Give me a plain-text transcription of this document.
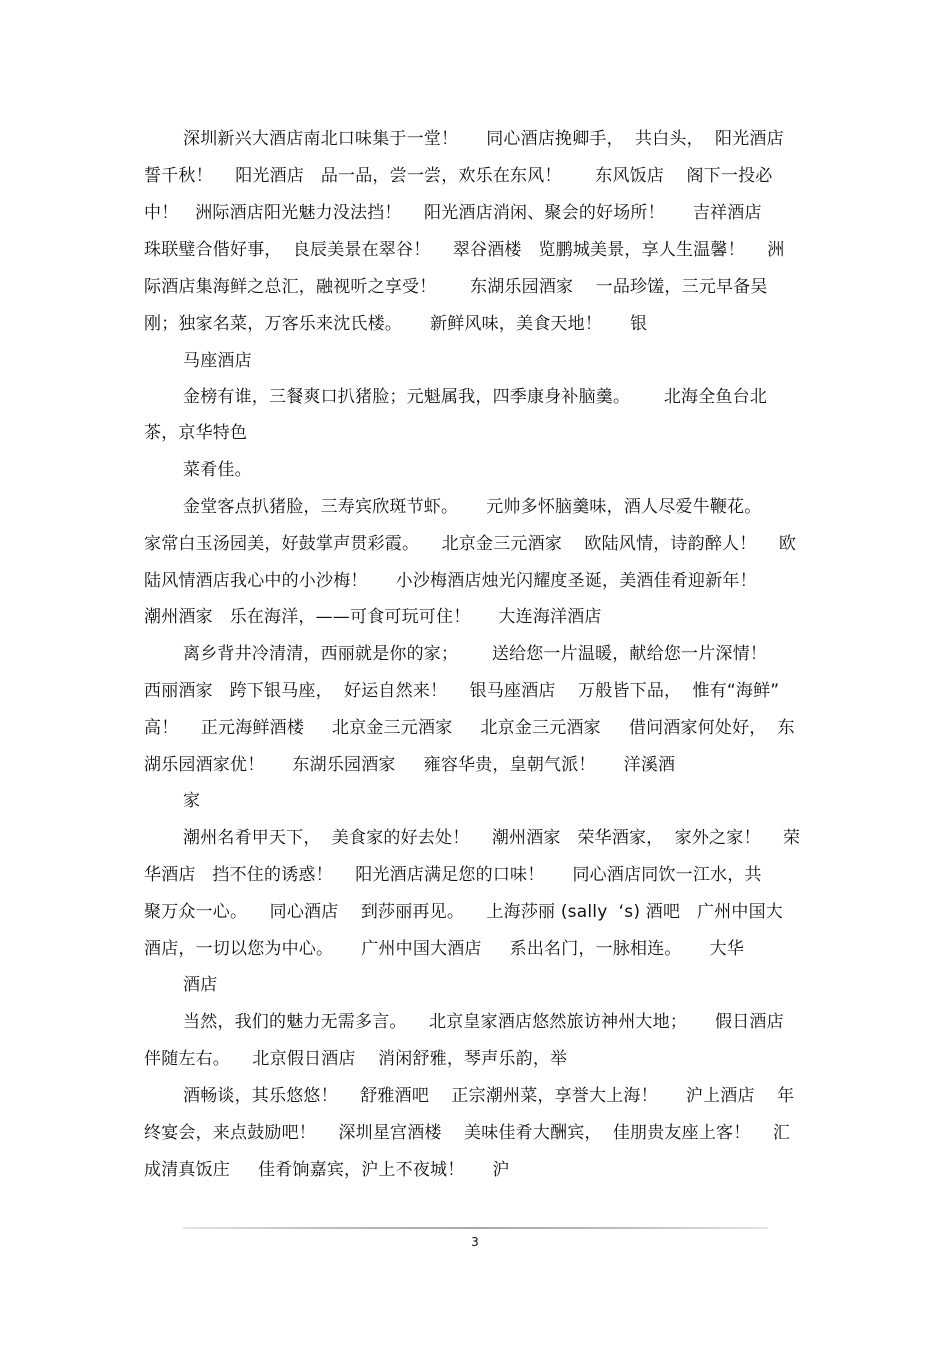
深圳新兴大酒店南北口味集于一堂！     同心酒店挽卿手，  共白头，  阳光酒店
誓千秋！    阳光酒店   品一品，尝一尝，欢乐在东风！      东风饭店    阁下一投必
中！   洲际酒店阳光魅力没法挡！    阳光酒店消闲、聚会的好场所！     吉祥酒店
珠联璧合偕好事，  良辰美景在翠谷！    翠谷酒楼   览鹏城美景，享人生温馨！    洲
际酒店集海鲜之总汇，融视听之享受！      东湖乐园酒家    一品珍馐，三元早备吴
刚；独家名菜，万客乐来沈氏楼。     新鲜风味，美食天地！     银
马座酒店
金榜有谁，三餐爽口扒猪脸；元魁属我，四季康身补脑羹。      北海全鱼台北
茶，京华特色
菜肴佳。
金堂客点扒猪脸，三寿宾欣斑节虾。     元帅多怀脑羹味，酒人尽爱牛鞭花。
家常白玉汤园美，好鼓掌声贯彩霞。    北京金三元酒家    欧陆风情，诗韵醉人！    欧
陆风情酒店我心中的小沙梅！     小沙梅酒店烛光闪耀度圣诞，美酒佳肴迎新年！
潮州酒家   乐在海洋，——可食可玩可住！     大连海洋酒店
离乡背井冷清清，西丽就是你的家；      送给您一片温暖，献给您一片深情！
西丽酒家   跨下银马座，  好运自然来！    银马座酒店    万般皆下品，  惟有“海鲜”
高！    正元海鲜酒楼     北京金三元酒家     北京金三元酒家     借问酒家何处好，  东
湖乐园酒家优！     东湖乐园酒家     雍容华贵，皇朝气派！     洋溪酒
家
潮州名肴甲天下，  美食家的好去处！    潮州酒家   荣华酒家，  家外之家！    荣
华酒店   挡不住的诱惑！    阳光酒店满足您的口味！     同心酒店同饮一江水，共
聚万众一心。    同心酒店    到莎丽再见。    上海莎丽 (sally  ‘s) 酒吧   广州中国大
酒店，一切以您为中心。     广州中国大酒店     系出名门，一脉相连。     大华
酒店
当然，我们的魅力无需多言。    北京皇家酒店悠然旅访神州大地；     假日酒店
伴随左右。    北京假日酒店    消闲舒雅，琴声乐韵，举
酒畅谈，其乐悠悠！    舒雅酒吧    正宗潮州菜，享誉大上海！     沪上酒店    年
终宴会，来点鼓励吧！    深圳星宫酒楼    美味佳肴大酬宾，  佳朋贵友座上客！    汇
成清真饭庄     佳肴饷嘉宾，沪上不夜城！     沪
3
